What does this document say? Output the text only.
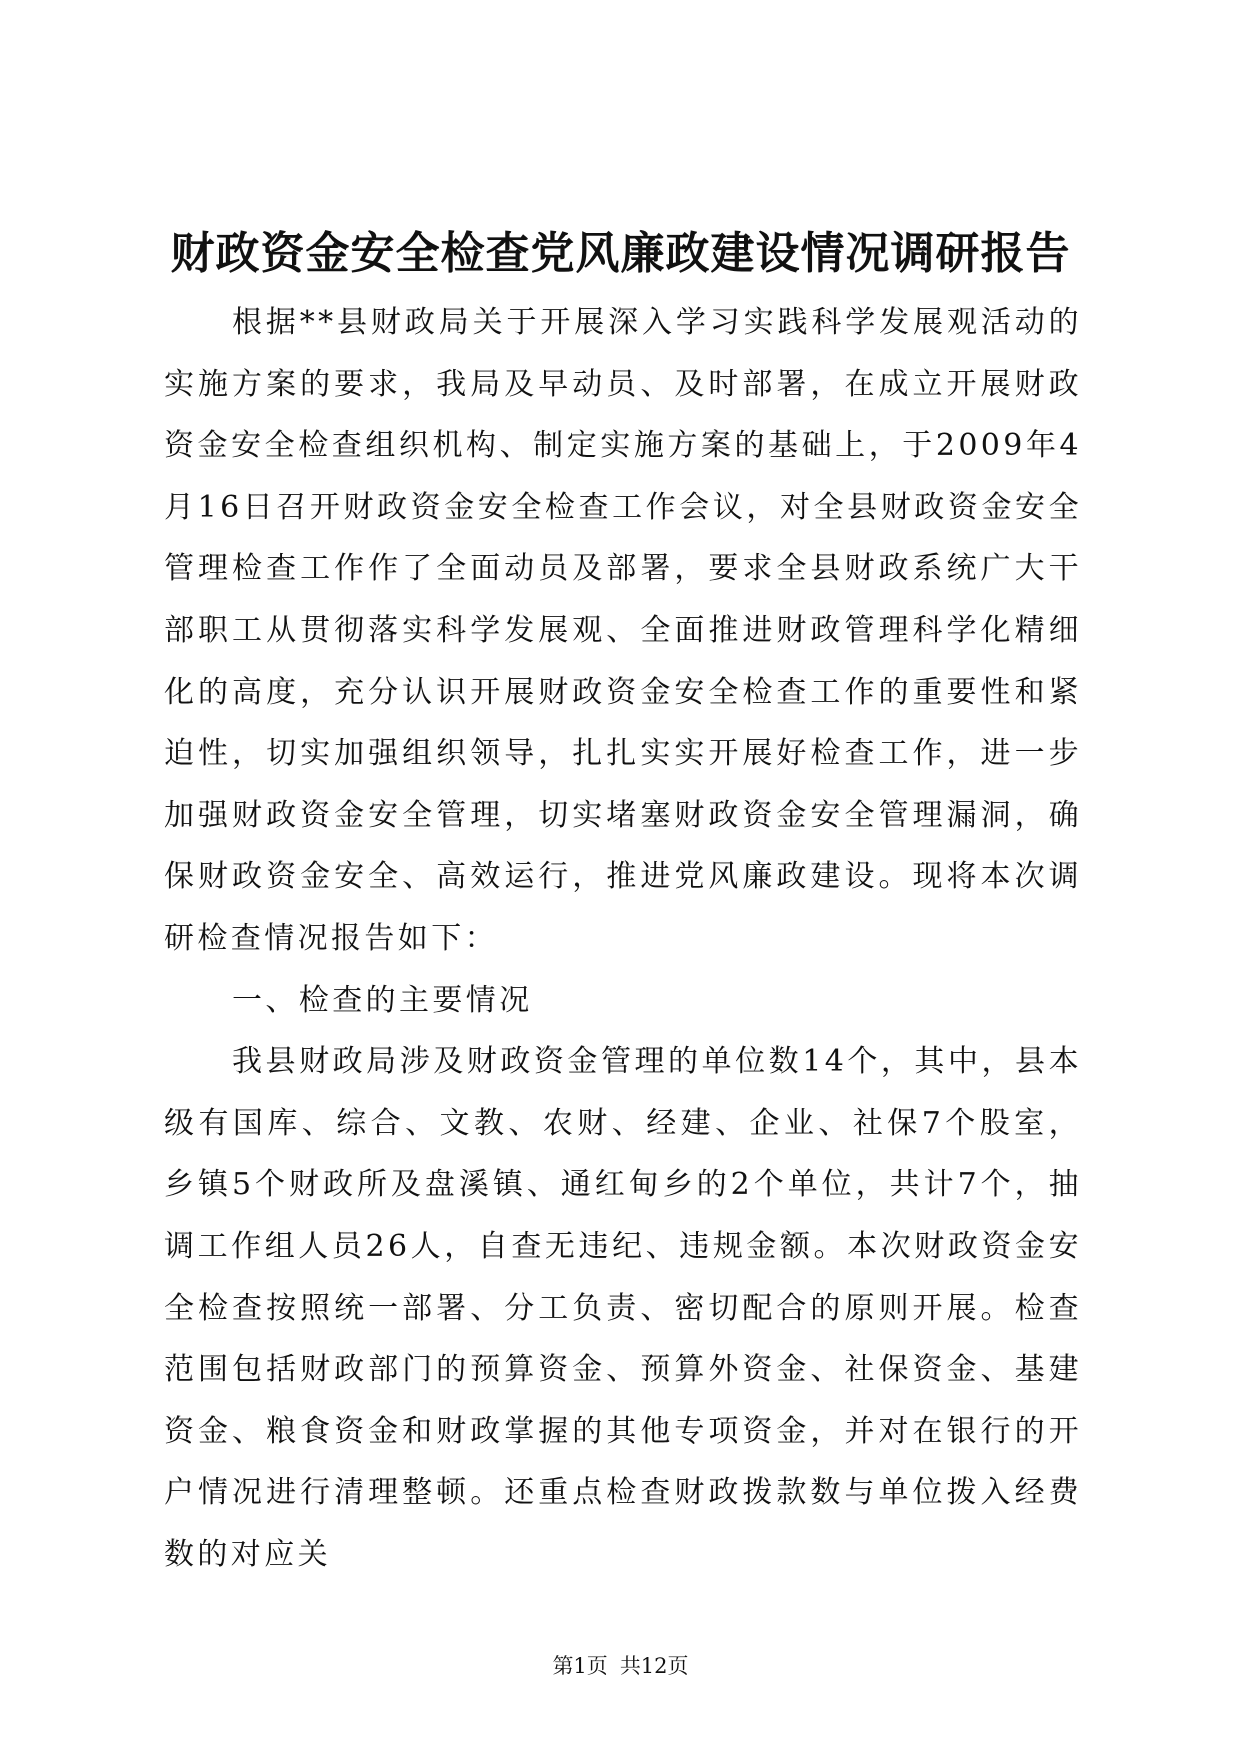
财政资金安全检查党风廉政建设情况调研报告

根据**县财政局关于开展深入学习实践科学发展观活动的实施方案的要求，我局及早动员、及时部署，在成立开展财政资金安全检查组织机构、制定实施方案的基础上，于2009年4月16日召开财政资金安全检查工作会议，对全县财政资金安全管理检查工作作了全面动员及部署，要求全县财政系统广大干部职工从贯彻落实科学发展观、全面推进财政管理科学化精细化的高度，充分认识开展财政资金安全检查工作的重要性和紧迫性，切实加强组织领导，扎扎实实开展好检查工作，进一步加强财政资金安全管理，切实堵塞财政资金安全管理漏洞，确保财政资金安全、高效运行，推进党风廉政建设。现将本次调研检查情况报告如下：

一、检查的主要情况

我县财政局涉及财政资金管理的单位数14个，其中，县本级有国库、综合、文教、农财、经建、企业、社保7个股室，乡镇5个财政所及盘溪镇、通红甸乡的2个单位，共计7个，抽调工作组人员26人，自查无违纪、违规金额。本次财政资金安全检查按照统一部署、分工负责、密切配合的原则开展。检查范围包括财政部门的预算资金、预算外资金、社保资金、基建资金、粮食资金和财政掌握的其他专项资金，并对在银行的开户情况进行清理整顿。还重点检查财政拨款数与单位拨入经费数的对应关

第1页 共12页
